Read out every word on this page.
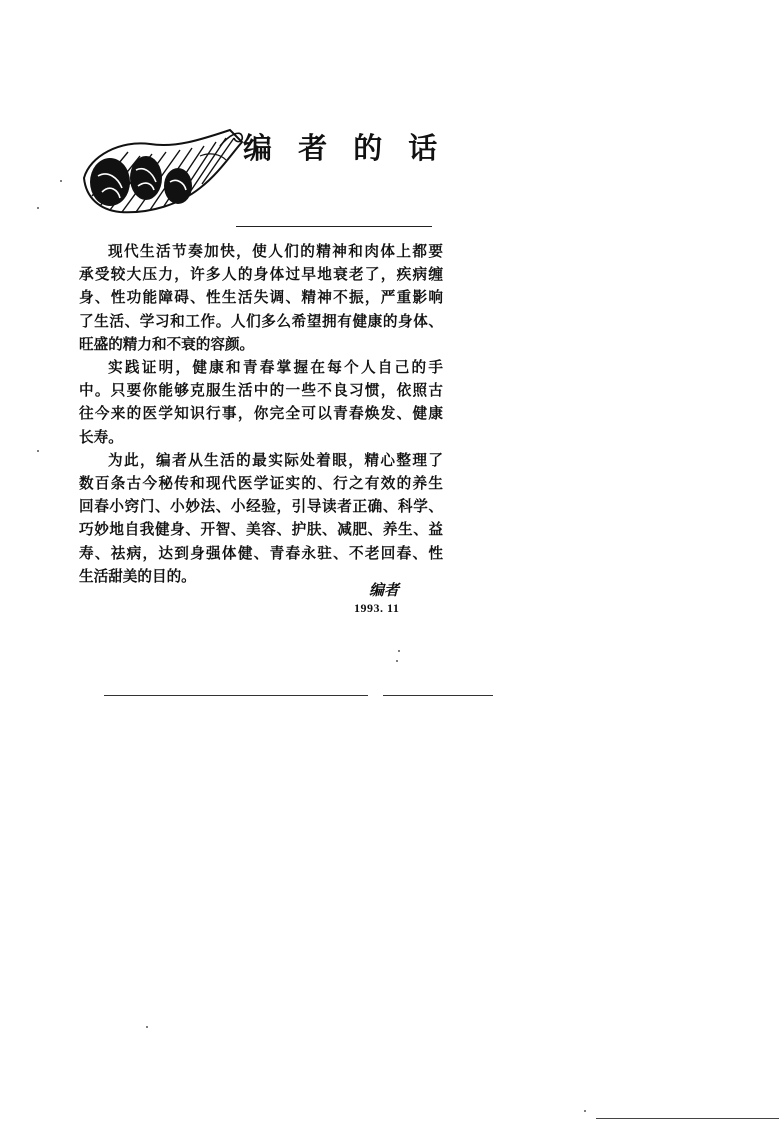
编 者 的 话
现代生活节奏加快，使人们的精神和肉体上都要
承受较大压力，许多人的身体过早地衰老了，疾病缠
身、性功能障碍、性生活失调、精神不振，严重影响
了生活、学习和工作。人们多么希望拥有健康的身体、
旺盛的精力和不衰的容颜。
实践证明，健康和青春掌握在每个人自己的手
中。只要你能够克服生活中的一些不良习惯，依照古
往今来的医学知识行事，你完全可以青春焕发、健康
长寿。
为此，编者从生活的最实际处着眼，精心整理了
数百条古今秘传和现代医学证实的、行之有效的养生
回春小窍门、小妙法、小经验，引导读者正确、科学、
巧妙地自我健身、开智、美容、护肤、减肥、养生、益
寿、祛病，达到身强体健、青春永驻、不老回春、性
生活甜美的目的。
编者
1993. 11
